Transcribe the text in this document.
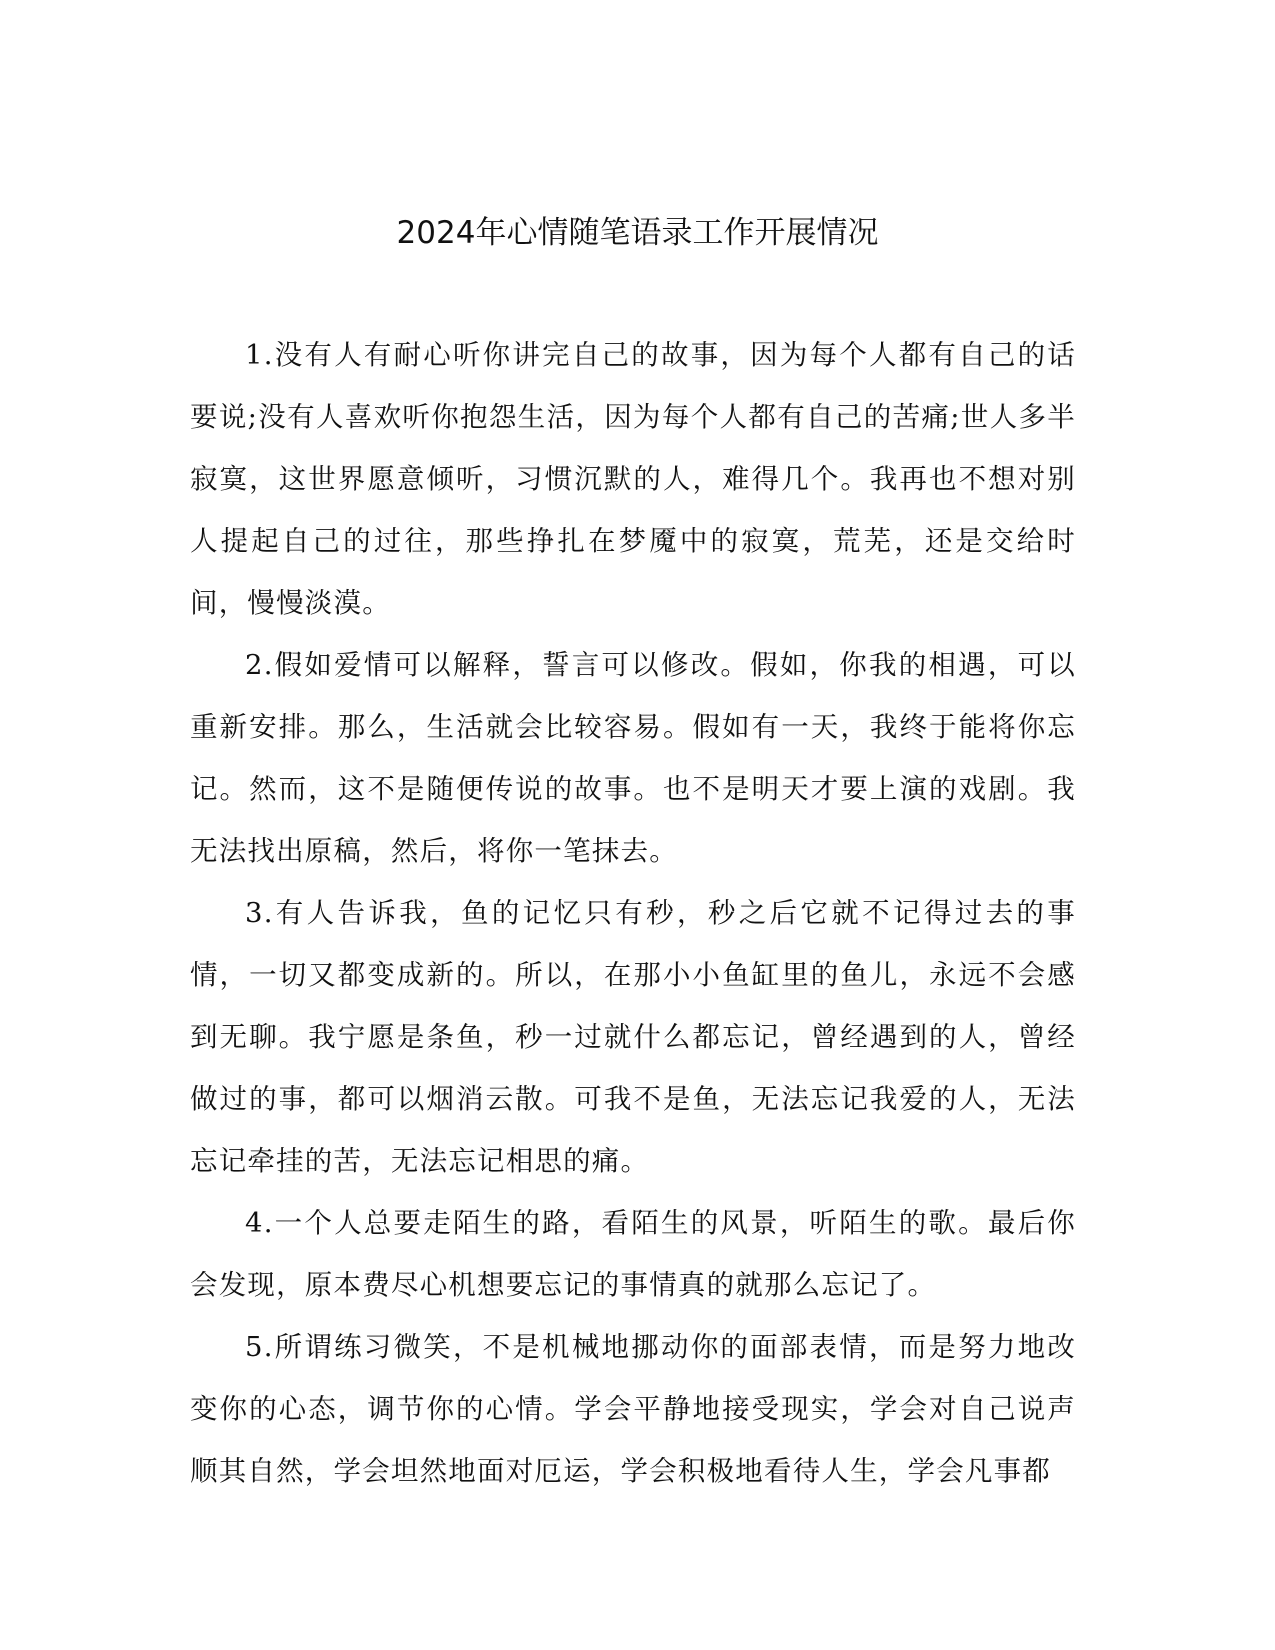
2024年心情随笔语录工作开展情况

1.没有人有耐心听你讲完自己的故事，因为每个人都有自己的话要说;没有人喜欢听你抱怨生活，因为每个人都有自己的苦痛;世人多半寂寞，这世界愿意倾听，习惯沉默的人，难得几个。我再也不想对别人提起自己的过往，那些挣扎在梦魇中的寂寞，荒芜，还是交给时间，慢慢淡漠。

2.假如爱情可以解释，誓言可以修改。假如，你我的相遇，可以重新安排。那么，生活就会比较容易。假如有一天，我终于能将你忘记。然而，这不是随便传说的故事。也不是明天才要上演的戏剧。我无法找出原稿，然后，将你一笔抹去。

3.有人告诉我，鱼的记忆只有秒，秒之后它就不记得过去的事情，一切又都变成新的。所以，在那小小鱼缸里的鱼儿，永远不会感到无聊。我宁愿是条鱼，秒一过就什么都忘记，曾经遇到的人，曾经做过的事，都可以烟消云散。可我不是鱼，无法忘记我爱的人，无法忘记牵挂的苦，无法忘记相思的痛。

4.一个人总要走陌生的路，看陌生的风景，听陌生的歌。最后你会发现，原本费尽心机想要忘记的事情真的就那么忘记了。

5.所谓练习微笑，不是机械地挪动你的面部表情，而是努力地改变你的心态，调节你的心情。学会平静地接受现实，学会对自己说声顺其自然，学会坦然地面对厄运，学会积极地看待人生，学会凡事都
